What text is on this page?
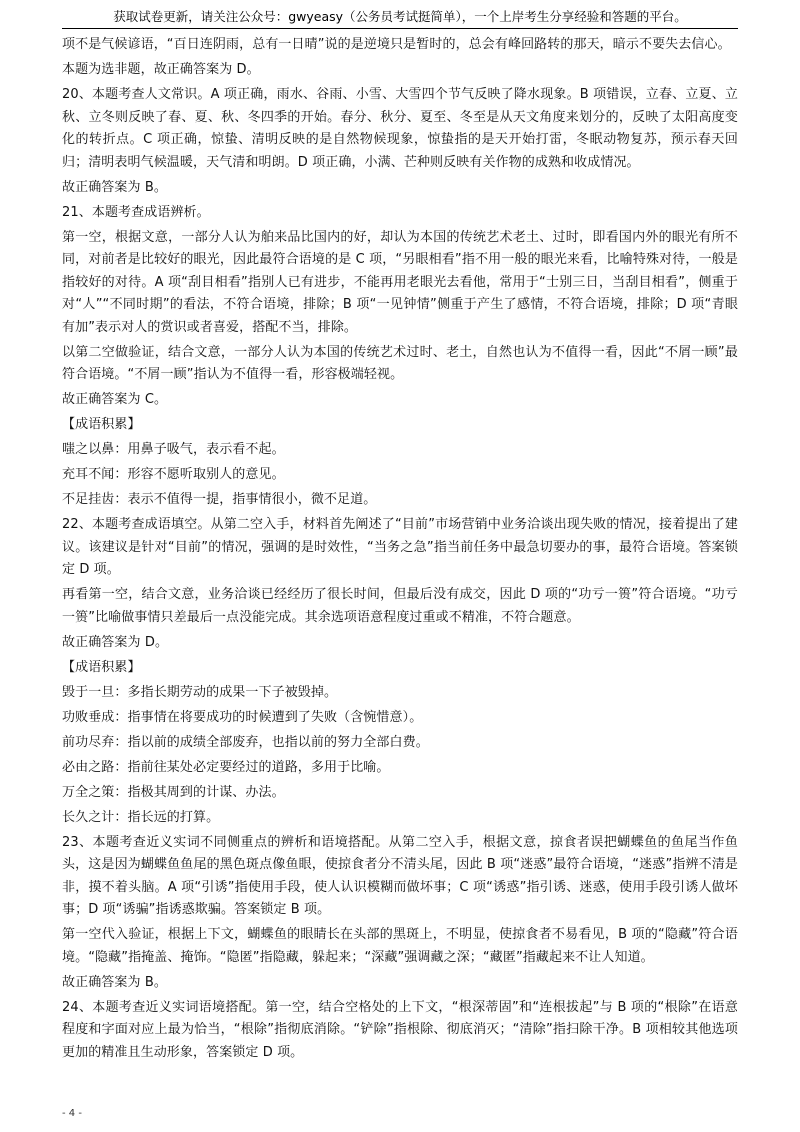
获取试卷更新，请关注公众号：gwyeasy（公务员考试挺简单），一个上岸考生分享经验和答题的平台。

项不是气候谚语，“百日连阴雨，总有一日晴”说的是逆境只是暂时的，总会有峰回路转的那天，暗示不要失去信心。

本题为选非题，故正确答案为 D。

20、本题考查人文常识。A 项正确，雨水、谷雨、小雪、大雪四个节气反映了降水现象。B 项错误，立春、立夏、立秋、立冬则反映了春、夏、秋、冬四季的开始。春分、秋分、夏至、冬至是从天文角度来划分的，反映了太阳高度变化的转折点。C 项正确，惊蛰、清明反映的是自然物候现象，惊蛰指的是天开始打雷，冬眠动物复苏，预示春天回归；清明表明气候温暖，天气清和明朗。D 项正确，小满、芒种则反映有关作物的成熟和收成情况。

故正确答案为 B。

21、本题考查成语辨析。

第一空，根据文意，一部分人认为舶来品比国内的好，却认为本国的传统艺术老土、过时，即看国内外的眼光有所不同，对前者是比较好的眼光，因此最符合语境的是 C 项，“另眼相看”指不用一般的眼光来看，比喻特殊对待，一般是指较好的对待。A 项“刮目相看”指别人已有进步，不能再用老眼光去看他，常用于“士别三日，当刮目相看”，侧重于对“人”“不同时期”的看法，不符合语境，排除；B 项“一见钟情”侧重于产生了感情，不符合语境，排除；D 项“青眼有加”表示对人的赏识或者喜爱，搭配不当，排除。

以第二空做验证，结合文意，一部分人认为本国的传统艺术过时、老土，自然也认为不值得一看，因此“不屑一顾”最符合语境。“不屑一顾”指认为不值得一看，形容极端轻视。

故正确答案为 C。

【成语积累】

嗤之以鼻：用鼻子吸气，表示看不起。

充耳不闻：形容不愿听取别人的意见。

不足挂齿：表示不值得一提，指事情很小，微不足道。

22、本题考查成语填空。从第二空入手，材料首先阐述了“目前”市场营销中业务洽谈出现失败的情况，接着提出了建议。该建议是针对“目前”的情况，强调的是时效性，“当务之急”指当前任务中最急切要办的事，最符合语境。答案锁定 D 项。

再看第一空，结合文意，业务洽谈已经经历了很长时间，但最后没有成交，因此 D 项的“功亏一篑”符合语境。“功亏一篑”比喻做事情只差最后一点没能完成。其余选项语意程度过重或不精准，不符合题意。

故正确答案为 D。

【成语积累】

毁于一旦：多指长期劳动的成果一下子被毁掉。

功败垂成：指事情在将要成功的时候遭到了失败（含惋惜意）。

前功尽弃：指以前的成绩全部废弃，也指以前的努力全部白费。

必由之路：指前往某处必定要经过的道路，多用于比喻。

万全之策：指极其周到的计谋、办法。

长久之计：指长远的打算。

23、本题考查近义实词不同侧重点的辨析和语境搭配。从第二空入手，根据文意，掠食者误把蝴蝶鱼的鱼尾当作鱼头，这是因为蝴蝶鱼鱼尾的黑色斑点像鱼眼，使掠食者分不清头尾，因此 B 项“迷惑”最符合语境，“迷惑”指辨不清是非，摸不着头脑。A 项“引诱”指使用手段，使人认识模糊而做坏事；C 项“诱惑”指引诱、迷惑，使用手段引诱人做坏事；D 项“诱骗”指诱惑欺骗。答案锁定 B 项。

第一空代入验证，根据上下文，蝴蝶鱼的眼睛长在头部的黑斑上，不明显，使掠食者不易看见，B 项的“隐藏”符合语境。“隐藏”指掩盖、掩饰。“隐匿”指隐藏，躲起来；“深藏”强调藏之深；“藏匿”指藏起来不让人知道。

故正确答案为 B。

24、本题考查近义实词语境搭配。第一空，结合空格处的上下文，“根深蒂固”和“连根拔起”与 B 项的“根除”在语意程度和字面对应上最为恰当，“根除”指彻底消除。“铲除”指根除、彻底消灭；“清除”指扫除干净。B 项相较其他选项更加的精准且生动形象，答案锁定 D 项。

- 4 -
